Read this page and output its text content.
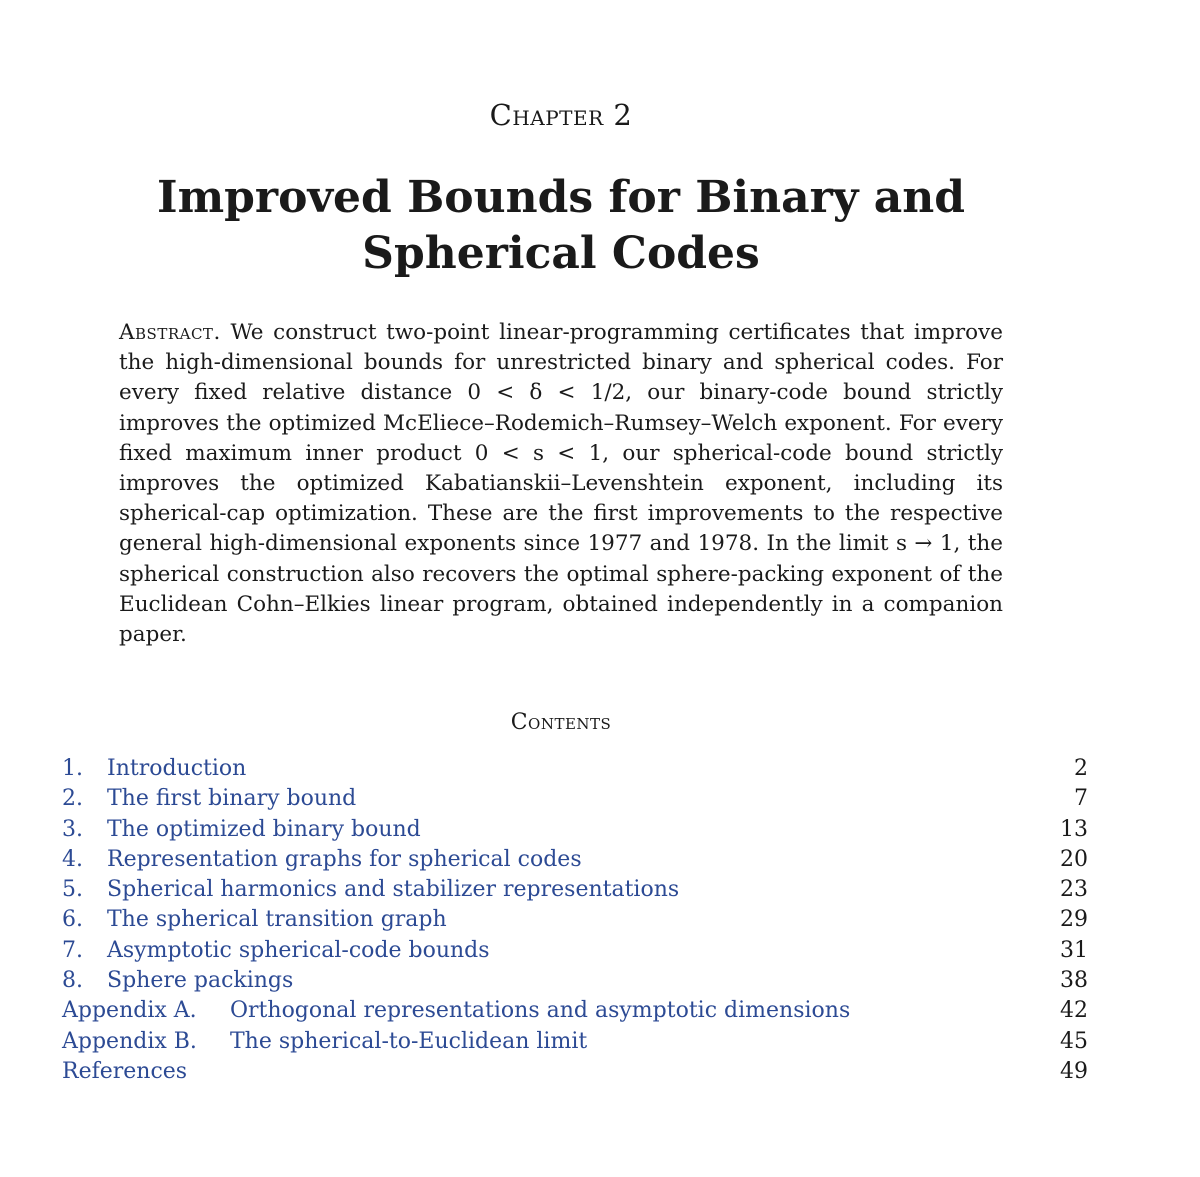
Chapter 2
Improved Bounds for Binary and Spherical Codes
Abstract. We construct two-point linear-programming certificates that improve the high-dimensional bounds for unrestricted binary and spherical codes. For every fixed relative distance 0 < δ < 1/2, our binary-code bound strictly improves the optimized McEliece–Rodemich–Rumsey–Welch exponent. For every fixed maximum inner product 0 < s < 1, our spherical-code bound strictly improves the optimized Kabatianskii–Levenshtein exponent, including its spherical-cap optimization. These are the first improvements to the respective general high-dimensional exponents since 1977 and 1978. In the limit s → 1, the spherical construction also recovers the optimal sphere-packing exponent of the Euclidean Cohn–Elkies linear program, obtained independently in a companion paper.
Contents
1. Introduction	2
2. The first binary bound	7
3. The optimized binary bound	13
4. Representation graphs for spherical codes	20
5. Spherical harmonics and stabilizer representations	23
6. The spherical transition graph	29
7. Asymptotic spherical-code bounds	31
8. Sphere packings	38
Appendix A. Orthogonal representations and asymptotic dimensions	42
Appendix B. The spherical-to-Euclidean limit	45
References	49
